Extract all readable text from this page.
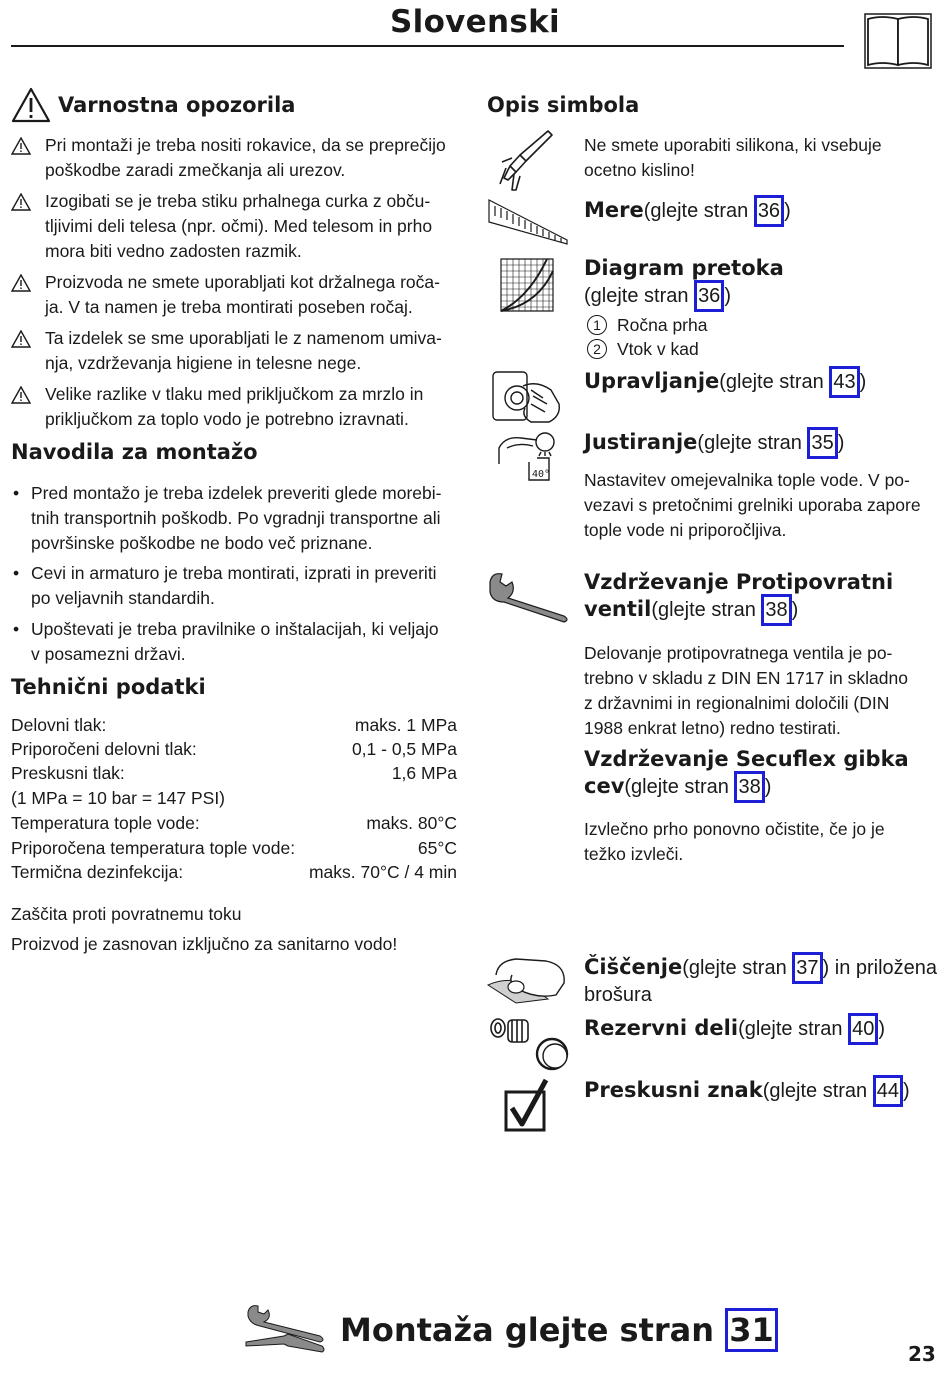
Slovenski
Varnostna opozorila
Pri montaži je treba nositi rokavice, da se preprečijo
poškodbe zaradi zmečkanja ali urezov.
Izogibati se je treba stiku prhalnega curka z obču-
tljivimi deli telesa (npr. očmi). Med telesom in prho
mora biti vedno zadosten razmik.
Proizvoda ne smete uporabljati kot držalnega roča-
ja. V ta namen je treba montirati poseben ročaj.
Ta izdelek se sme uporabljati le z namenom umiva-
nja, vzdrževanja higiene in telesne nege.
Velike razlike v tlaku med priključkom za mrzlo in
priključkom za toplo vodo je potrebno izravnati.
Navodila za montažo
• Pred montažo je treba izdelek preveriti glede morebi-
tnih transportnih poškodb. Po vgradnji transportne ali
površinske poškodbe ne bodo več priznane.
• Cevi in armaturo je treba montirati, izprati in preveriti
po veljavnih standardih.
• Upoštevati je treba pravilnike o inštalacijah, ki veljajo
v posamezni državi.
Tehnični podatki
Delovni tlak:	maks. 1 MPa
Priporočeni delovni tlak:	0,1 - 0,5 MPa
Preskusni tlak:	1,6 MPa
(1 MPa = 10 bar = 147 PSI)
Temperatura tople vode:	maks. 80°C
Priporočena temperatura tople vode:	65°C
Termična dezinfekcija:	maks. 70°C / 4 min
Zaščita proti povratnemu toku
Proizvod je zasnovan izključno za sanitarno vodo!
Opis simbola
Ne smete uporabiti silikona, ki vsebuje
ocetno kislino!
Mere(glejte stran 36 )
Diagram pretoka
(glejte stran 36 )
1 Ročna prha
2 Vtok v kad
Upravljanje(glejte stran 43 )
40°
Justiranje(glejte stran 35 )
Nastavitev omejevalnika tople vode. V po-
vezavi s pretočnimi grelniki uporaba zapore
tople vode ni priporočljiva.
Vzdrževanje Protipovratni
ventil(glejte stran 38 )
Delovanje protipovratnega ventila je po-
trebno v skladu z DIN EN 1717 in skladno
z državnimi in regionalnimi določili (DIN
1988 enkrat letno) redno testirati.
Vzdrževanje Secuflex gibka
cev(glejte stran 38 )
Izvlečno prho ponovno očistite, če jo je
težko izvleči.
Čiščenje(glejte stran 37 ) in priložena
brošura
Rezervni deli(glejte stran 40 )
Preskusni znak(glejte stran 44 )
Montaža glejte stran 31
23
